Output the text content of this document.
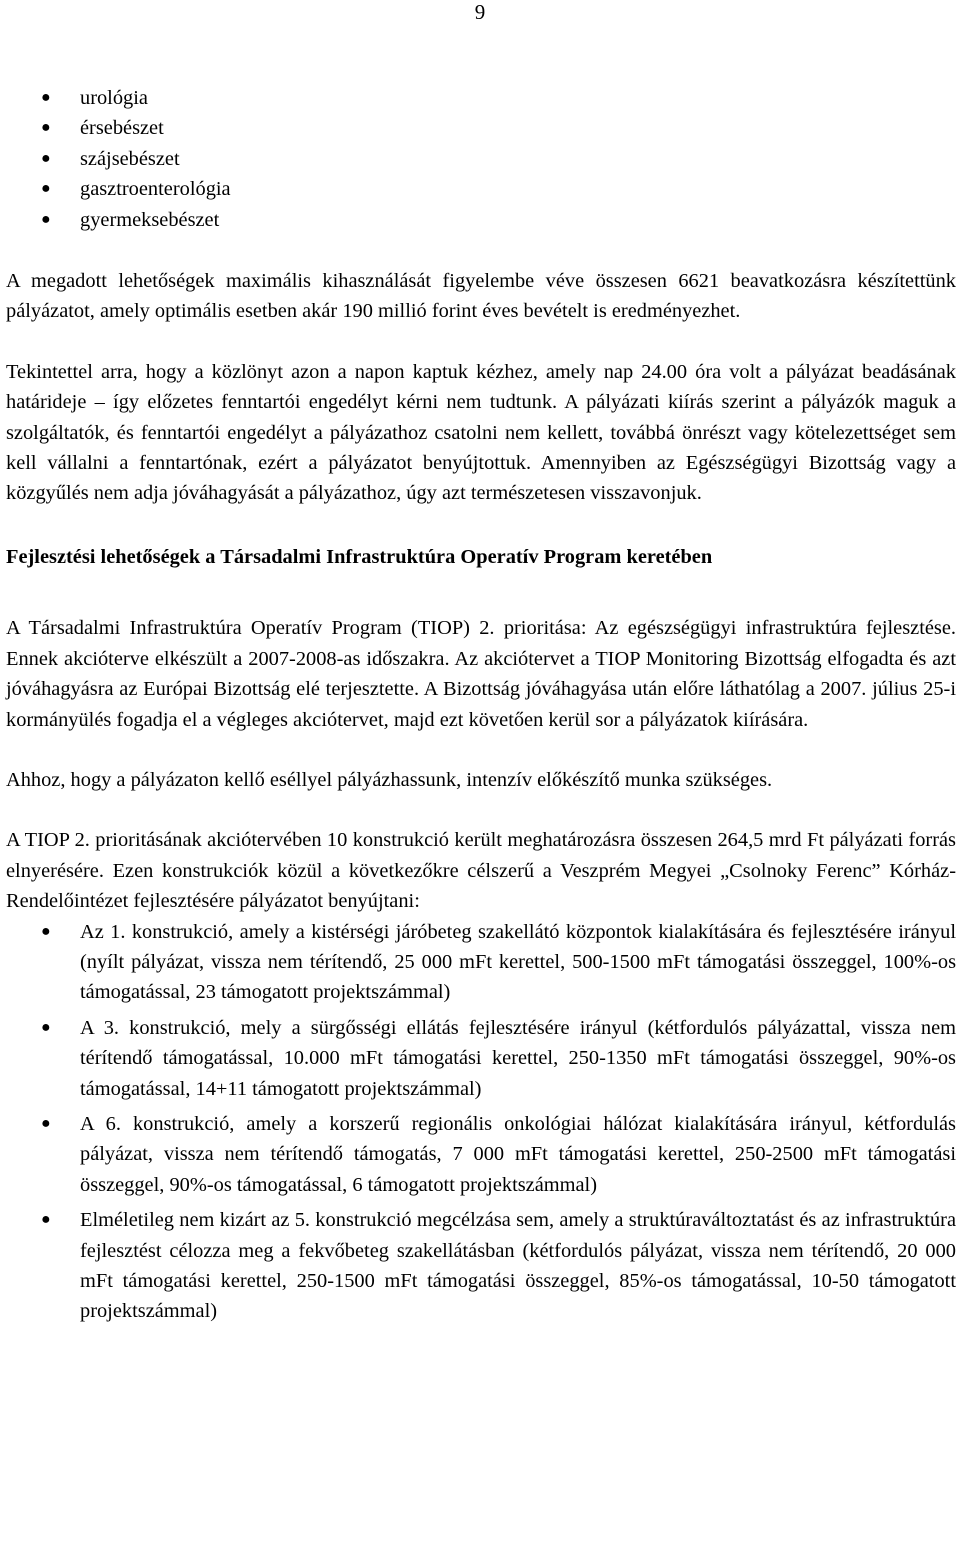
9
● urológia
● érsebészet
● szájsebészet
● gasztroenterológia
● gyermeksebészet

A megadott lehetőségek maximális kihasználását figyelembe véve összesen 6621 beavatkozásra készítettünk pályázatot, amely optimális esetben akár 190 millió forint éves bevételt is eredményezhet.

Tekintettel arra, hogy a közlönyt azon a napon kaptuk kézhez, amely nap 24.00 óra volt a pályázat beadásának határideje – így előzetes fenntartói engedélyt kérni nem tudtunk. A pályázati kiírás szerint a pályázók maguk a szolgáltatók, és fenntartói engedélyt a pályázathoz csatolni nem kellett, továbbá önrészt vagy kötelezettséget sem kell vállalni a fenntartónak, ezért a pályázatot benyújtottuk. Amennyiben az Egészségügyi Bizottság vagy a közgyűlés nem adja jóváhagyását a pályázathoz, úgy azt természetesen visszavonjuk.

Fejlesztési lehetőségek a Társadalmi Infrastruktúra Operatív Program keretében

A Társadalmi Infrastruktúra Operatív Program (TIOP) 2. prioritása: Az egészségügyi infrastruktúra fejlesztése. Ennek akcióterve elkészült a 2007-2008-as időszakra. Az akciótervet a TIOP Monitoring Bizottság elfogadta és azt jóváhagyásra az Európai Bizottság elé terjesztette. A Bizottság jóváhagyása után előre láthatólag a 2007. július 25-i kormányülés fogadja el a végleges akciótervet, majd ezt követően kerül sor a pályázatok kiírására.

Ahhoz, hogy a pályázaton kellő eséllyel pályázhassunk, intenzív előkészítő munka szükséges.

A TIOP 2. prioritásának akciótervében 10 konstrukció került meghatározásra összesen 264,5 mrd Ft pályázati forrás elnyerésére. Ezen konstrukciók közül a következőkre célszerű a Veszprém Megyei „Csolnoky Ferenc” Kórház-Rendelőintézet fejlesztésére pályázatot benyújtani:

● Az 1. konstrukció, amely a kistérségi járóbeteg szakellátó központok kialakítására és fejlesztésére irányul (nyílt pályázat, vissza nem térítendő, 25 000 mFt kerettel, 500-1500 mFt támogatási összeggel, 100%-os támogatással, 23 támogatott projektszámmal)
● A 3. konstrukció, mely a sürgősségi ellátás fejlesztésére irányul (kétfordulós pályázattal, vissza nem térítendő támogatással, 10.000 mFt támogatási kerettel, 250-1350 mFt támogatási összeggel, 90%-os támogatással, 14+11 támogatott projektszámmal)
● A 6. konstrukció, amely a korszerű regionális onkológiai hálózat kialakítására irányul, kétfordulás pályázat, vissza nem térítendő támogatás, 7 000 mFt támogatási kerettel, 250-2500 mFt támogatási összeggel, 90%-os támogatással, 6 támogatott projektszámmal)
● Elméletileg nem kizárt az 5. konstrukció megcélzása sem, amely a struktúraváltoztatást és az infrastruktúra fejlesztést célozza meg a fekvőbeteg szakellátásban (kétfordulós pályázat, vissza nem térítendő, 20 000 mFt támogatási kerettel, 250-1500 mFt támogatási összeggel, 85%-os támogatással, 10-50 támogatott projektszámmal)
